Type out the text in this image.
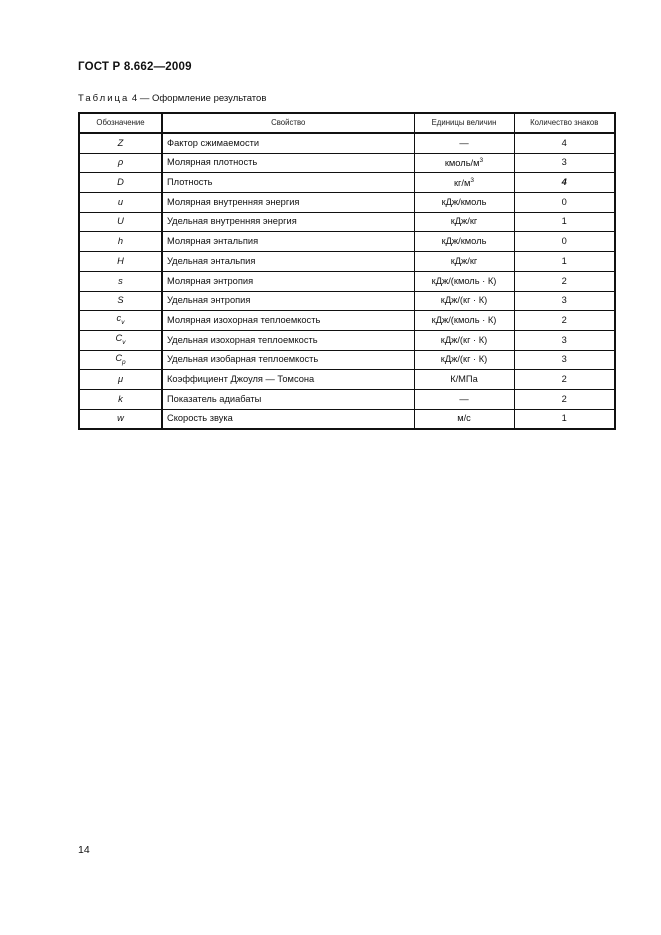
ГОСТ Р 8.662—2009
Таблица 4 — Оформление результатов
Обозначение	Свойство	Единицы величин	Количество знаков
Z	Фактор сжимаемости	—	4
ρ	Молярная плотность	кмоль/$м^3$	3
D	Плотность	$кг/м^3$	4
u	Молярная внутренняя энергия	кДж/кмоль	0
U	Удельная внутренняя энергия	кДж/кг	1
h	Молярная энтальпия	кДж/кмоль	0
H	Удельная энтальпия	кДж/кг	1
s	Молярная энтропия	кДж/(кмоль · К)	2
S	Удельная энтропия	кДж/(кг · К)	3
$c_v$	Молярная изохорная теплоемкость	кДж/(кмоль · К)	2
$C_v$	Удельная изохорная теплоемкость	кДж/(кг · К)	3
$C_p$	Удельная изобарная теплоемкость	кДж/(кг · К)	3
μ	Коэффициент Джоуля — Томсона	К/МПа	2
k	Показатель адиабаты	—	2
w	Скорость звука	м/с	1
14
